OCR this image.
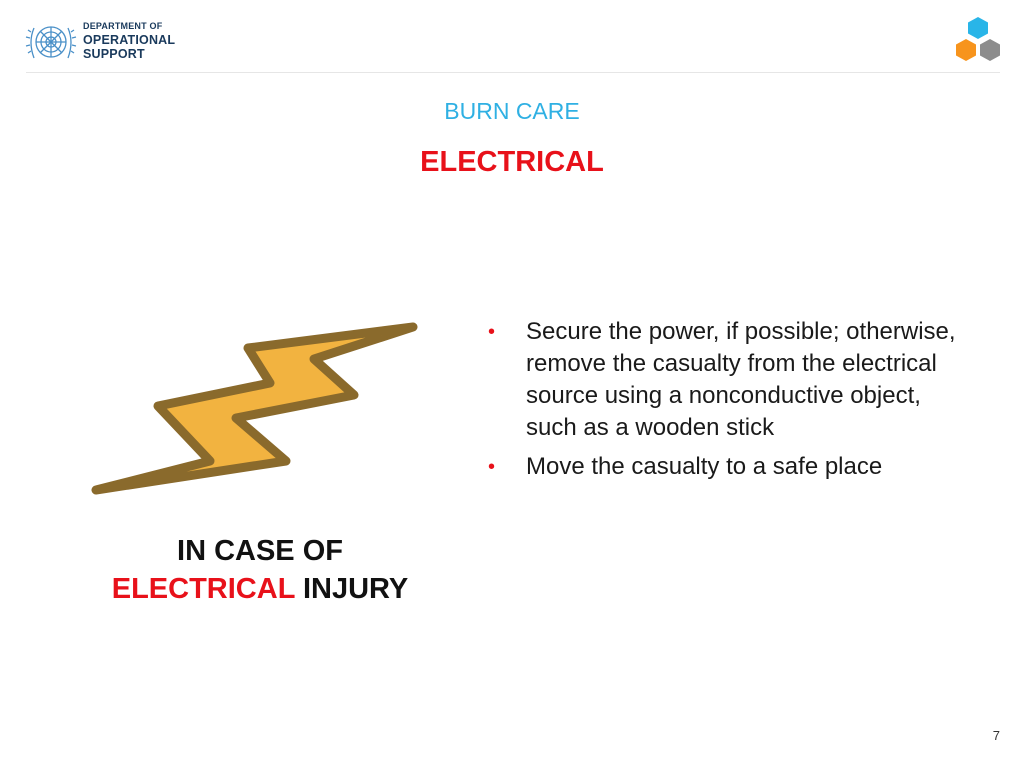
DEPARTMENT OF
OPERATIONAL
SUPPORT
BURN CARE
ELECTRICAL
IN CASE OF
ELECTRICAL INJURY
• Secure the power, if possible; otherwise, remove the casualty from the electrical source using a nonconductive object, such as a wooden stick
• Move the casualty to a safe place
7
